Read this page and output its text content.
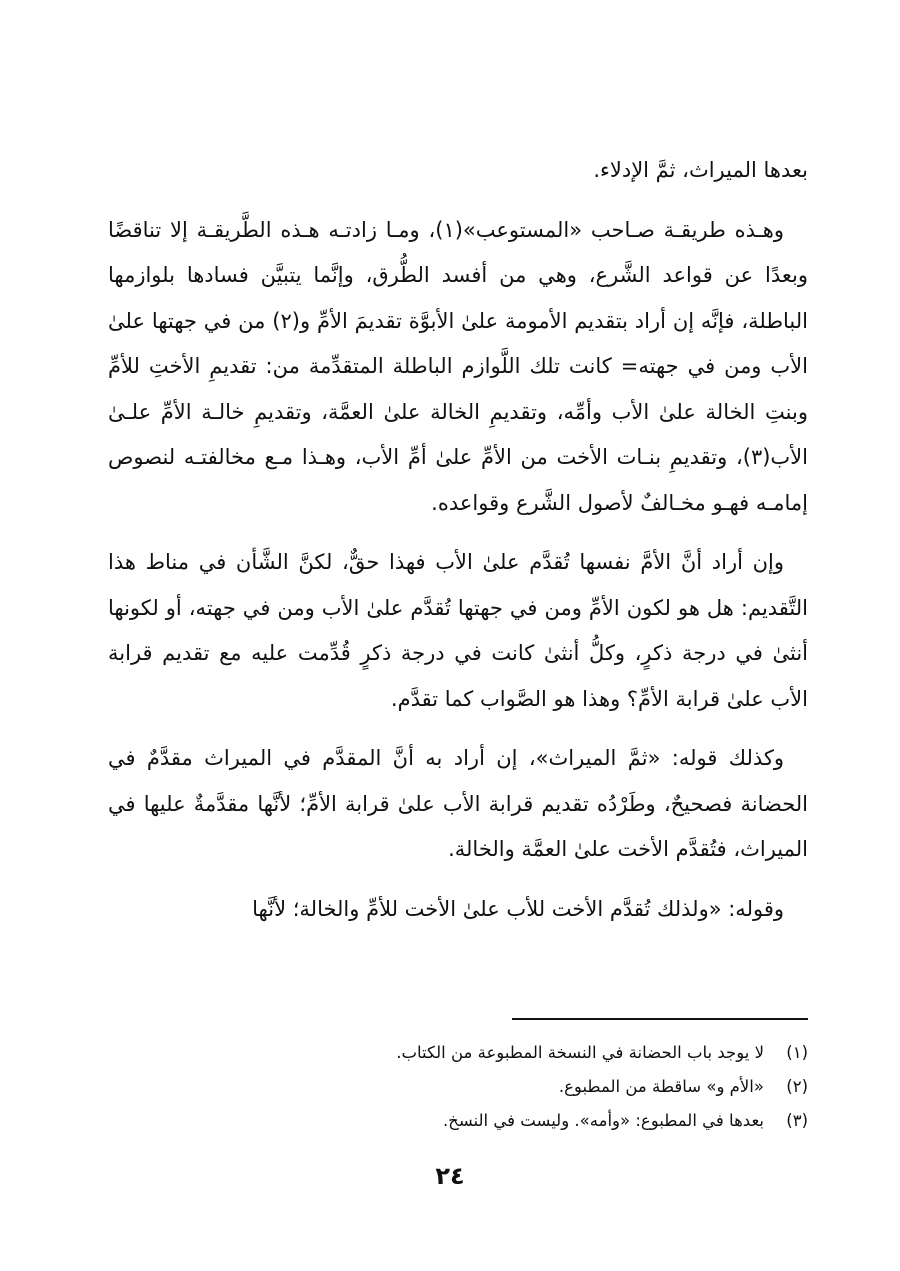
بعدها الميراث، ثمَّ الإدلاء.

وهـذه طريقـة صـاحب «المستوعب»(١)، ومـا زادتـه هـذه الطَّريقـة إلا تناقضًا وبعدًا عن قواعد الشَّرع، وهي من أفسد الطُّرق، وإنَّما يتبيَّن فسادها بلوازمها الباطلة، فإنَّه إن أراد بتقديم الأمومة علىٰ الأبوَّة تقديمَ الأمِّ و(٢) من في جهتها علىٰ الأب ومن في جهته= كانت تلك اللَّوازم الباطلة المتقدِّمة من: تقديمِ الأختِ للأمِّ وبنتِ الخالة علىٰ الأب وأمِّه، وتقديمِ الخالة علىٰ العمَّة، وتقديمِ خالـة الأمِّ علـىٰ الأب(٣)، وتقديمِ بنـات الأخت من الأمِّ علىٰ أمِّ الأب، وهـذا مـع مخالفتـه لنصوص إمامـه فهـو مخـالفٌ لأصول الشَّرع وقواعده.

وإن أراد أنَّ الأمَّ نفسها تُقدَّم علىٰ الأب فهذا حقٌّ، لكنَّ الشَّأن في مناط هذا التَّقديم: هل هو لكون الأمِّ ومن في جهتها تُقدَّم علىٰ الأب ومن في جهته، أو لكونها أنثىٰ في درجة ذكرٍ، وكلُّ أنثىٰ كانت في درجة ذكرٍ قُدِّمت عليه مع تقديم قرابة الأب علىٰ قرابة الأمِّ؟ وهذا هو الصَّواب كما تقدَّم.

وكذلك قوله: «ثمَّ الميراث»، إن أراد به أنَّ المقدَّم في الميراث مقدَّمٌ في الحضانة فصحيحٌ، وطَرْدُه تقديم قرابة الأب علىٰ قرابة الأمِّ؛ لأنَّها مقدَّمةٌ عليها في الميراث، فتُقدَّم الأخت علىٰ العمَّة والخالة.

وقوله: «ولذلك تُقدَّم الأخت للأب علىٰ الأخت للأمِّ والخالة؛ لأنَّها

(١)لا يوجد باب الحضانة في النسخة المطبوعة من الكتاب.

(٢)«الأم و» ساقطة من المطبوع.

(٣)بعدها في المطبوع: «وأمه». وليست في النسخ.

٢٤
